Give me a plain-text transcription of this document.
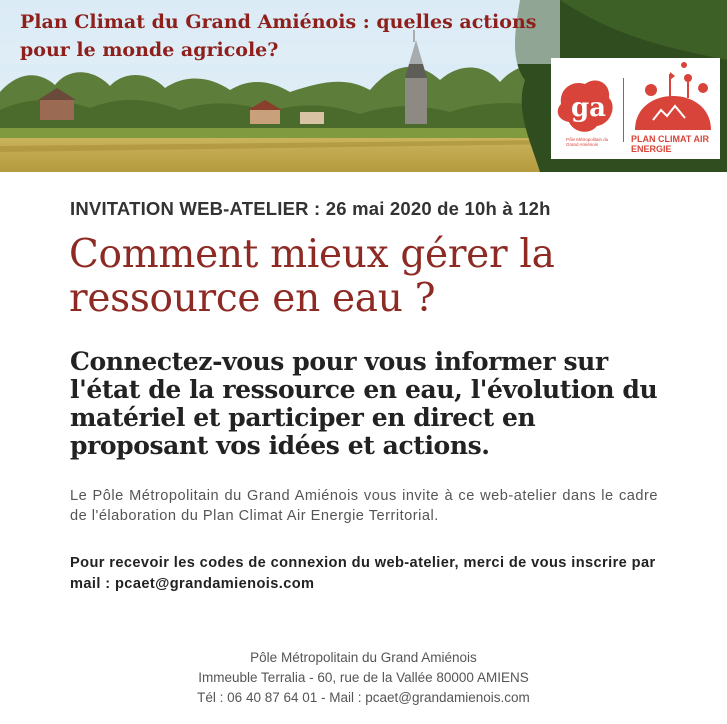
Plan Climat du Grand Amiénois : quelles actions pour le monde agricole?
ga
Pôle Métropolitain du Grand Amiénois
PLAN CLIMAT AIR ENERGIE
INVITATION WEB-ATELIER : 26 mai 2020 de 10h à 12h
Comment mieux gérer la ressource en eau ?
Connectez-vous pour vous informer sur l'état de la ressource en eau, l'évolution du matériel et participer en direct en proposant vos idées et actions.
Le Pôle Métropolitain du Grand Amiénois vous invite à ce web-atelier dans le cadre de l'élaboration du Plan Climat Air Energie Territorial.
Pour recevoir les codes de connexion du web-atelier, merci de vous inscrire par mail : pcaet@grandamienois.com
Pôle Métropolitain du Grand Amiénois
Immeuble Terralia - 60, rue de la Vallée 80000 AMIENS
Tél : 06 40 87 64 01 - Mail : pcaet@grandamienois.com
